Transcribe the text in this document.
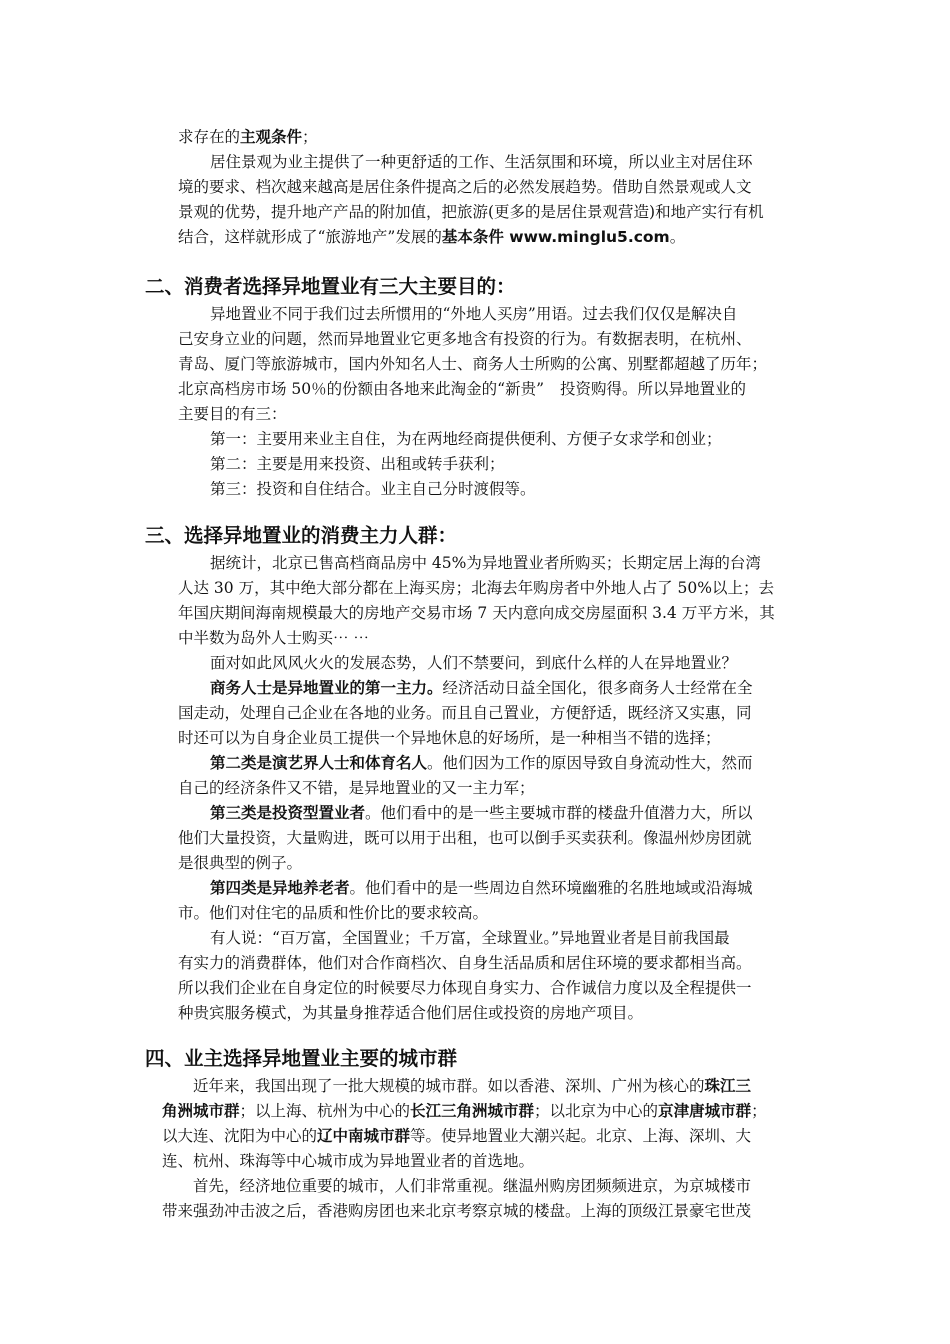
求存在的主观条件；

居住景观为业主提供了一种更舒适的工作、生活氛围和环境，所以业主对居住环

境的要求、档次越来越高是居住条件提高之后的必然发展趋势。借助自然景观或人文

景观的优势，提升地产产品的附加值，把旅游(更多的是居住景观营造)和地产实行有机

结合，这样就形成了“旅游地产”发展的基本条件 www.minglu5.com。

二、消费者选择异地置业有三大主要目的：

异地置业不同于我们过去所惯用的“外地人买房”用语。过去我们仅仅是解决自

己安身立业的问题，然而异地置业它更多地含有投资的行为。有数据表明，在杭州、

青岛、厦门等旅游城市，国内外知名人士、商务人士所购的公寓、别墅都超越了历年；

北京高档房市场 50％的份额由各地来此淘金的“新贵” 投资购得。所以异地置业的

主要目的有三：

第一：主要用来业主自住，为在两地经商提供便利、方便子女求学和创业；

第二：主要是用来投资、出租或转手获利；

第三：投资和自住结合。业主自己分时渡假等。

三、选择异地置业的消费主力人群：

据统计，北京已售高档商品房中 45%为异地置业者所购买；长期定居上海的台湾

人达 30 万，其中绝大部分都在上海买房；北海去年购房者中外地人占了 50%以上；去

年国庆期间海南规模最大的房地产交易市场 7 天内意向成交房屋面积 3.4 万平方米，其

中半数为岛外人士购买⋯ ⋯

面对如此风风火火的发展态势，人们不禁要问，到底什么样的人在异地置业？

商务人士是异地置业的第一主力。经济活动日益全国化，很多商务人士经常在全

国走动，处理自己企业在各地的业务。而且自己置业，方便舒适，既经济又实惠，同

时还可以为自身企业员工提供一个异地休息的好场所，是一种相当不错的选择；

第二类是演艺界人士和体育名人。他们因为工作的原因导致自身流动性大，然而

自己的经济条件又不错，是异地置业的又一主力军；

第三类是投资型置业者。他们看中的是一些主要城市群的楼盘升值潜力大，所以

他们大量投资，大量购进，既可以用于出租，也可以倒手买卖获利。像温州炒房团就

是很典型的例子。

第四类是异地养老者。他们看中的是一些周边自然环境幽雅的名胜地域或沿海城

市。他们对住宅的品质和性价比的要求较高。

有人说：“百万富，全国置业；千万富，全球置业。”异地置业者是目前我国最

有实力的消费群体，他们对合作商档次、自身生活品质和居住环境的要求都相当高。

所以我们企业在自身定位的时候要尽力体现自身实力、合作诚信力度以及全程提供一

种贵宾服务模式，为其量身推荐适合他们居住或投资的房地产项目。

四、业主选择异地置业主要的城市群

近年来，我国出现了一批大规模的城市群。如以香港、深圳、广州为核心的珠江三

角洲城市群；以上海、杭州为中心的长江三角洲城市群；以北京为中心的京津唐城市群；

以大连、沈阳为中心的辽中南城市群等。使异地置业大潮兴起。北京、上海、深圳、大

连、杭州、珠海等中心城市成为异地置业者的首选地。

首先，经济地位重要的城市，人们非常重视。继温州购房团频频进京，为京城楼市

带来强劲冲击波之后，香港购房团也来北京考察京城的楼盘。上海的顶级江景豪宅世茂
